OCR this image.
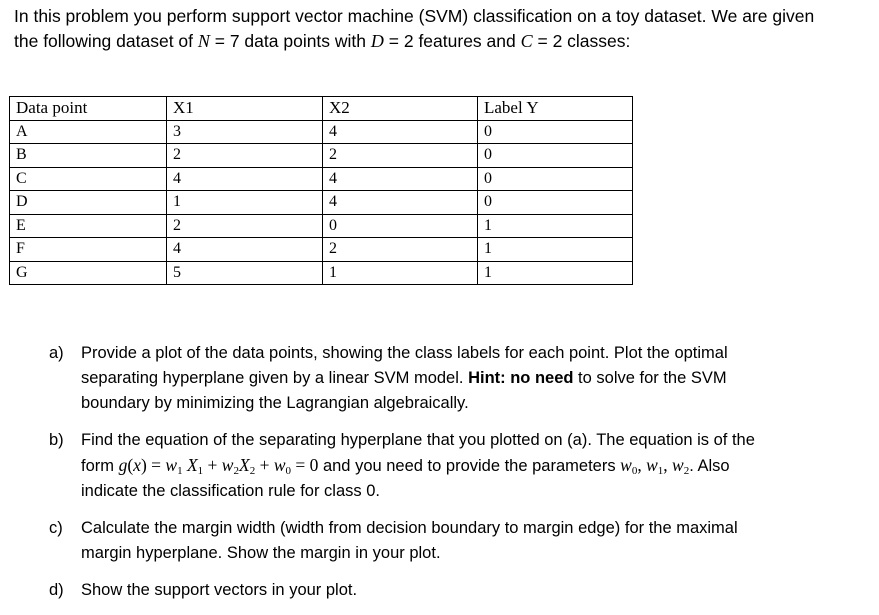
In this problem you perform support vector machine (SVM) classification on a toy dataset. We are given
the following dataset of N = 7 data points with D = 2 features and C = 2 classes:
Data point	X1	X2	Label Y
A	3	4	0
B	2	2	0
C	4	4	0
D	1	4	0
E	2	0	1
F	4	2	1
G	5	1	1
a) Provide a plot of the data points, showing the class labels for each point. Plot the optimal
separating hyperplane given by a linear SVM model. Hint: no need to solve for the SVM
boundary by minimizing the Lagrangian algebraically.
b) Find the equation of the separating hyperplane that you plotted on (a). The equation is of the
form $g(x) = w_1$ $X_1 + w_2X_2 + w_0 = 0$ and you need to provide the parameters $w_0$, $w_1$, $w_2$. Also
indicate the classification rule for class 0.
c) Calculate the margin width (width from decision boundary to margin edge) for the maximal
margin hyperplane. Show the margin in your plot.
d) Show the support vectors in your plot.
